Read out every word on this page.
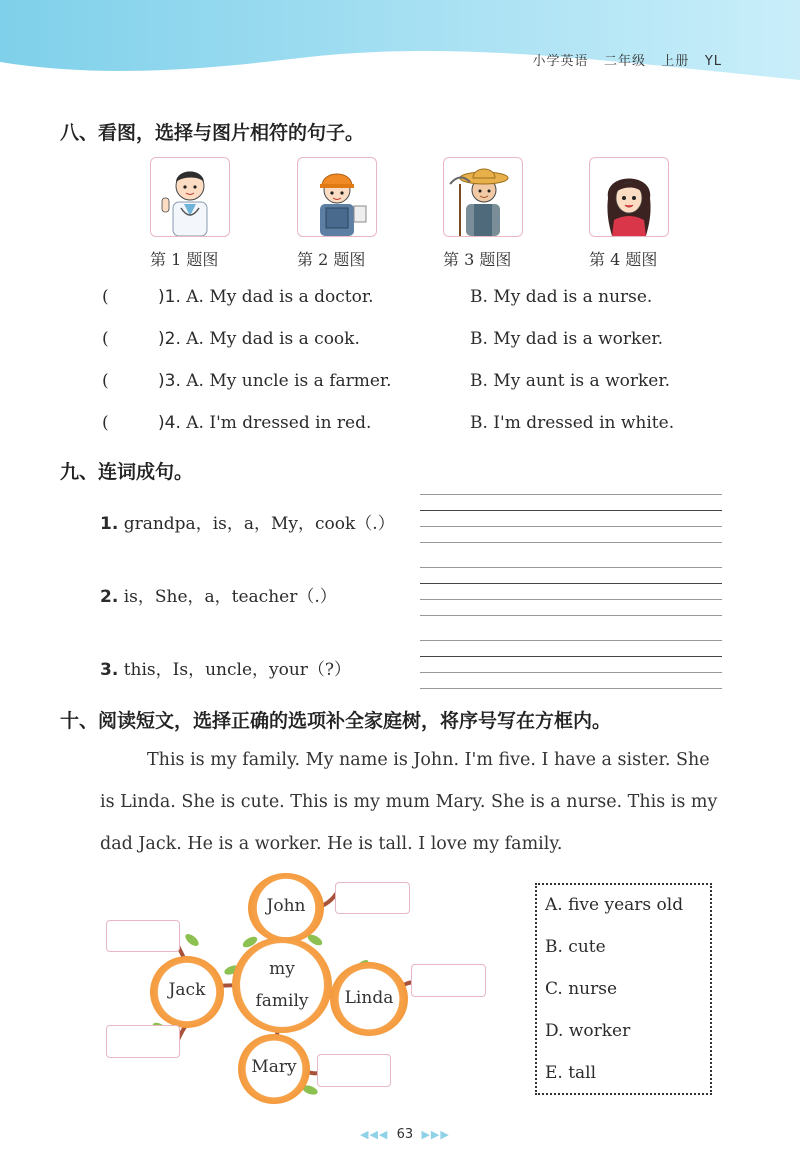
小学英语 二年级 上册 YL
八、看图，选择与图片相符的句子。
第 1 题图	第 2 题图	第 3 题图	第 4 题图
(	)1. A. My dad is a doctor.	B. My dad is a nurse.
(	)2. A. My dad is a cook.	B. My dad is a worker.
(	)3. A. My uncle is a farmer.	B. My aunt is a worker.
(	)4. A. I'm dressed in red.	B. I'm dressed in white.
九、连词成句。
1. grandpa，is，a，My，cook（.）
2. is，She，a，teacher（.）
3. this，Is，uncle，your（?）
十、阅读短文，选择正确的选项补全家庭树，将序号写在方框内。

This is my family. My name is John. I'm five. I have a sister. She is Linda. She is cute. This is my mum Mary. She is a nurse. This is my dad Jack. He is a worker. He is tall. I love my family.

John
my
family
Jack	Linda
Mary
A. five years old
B. cute
C. nurse
D. worker
E. tall
◀◀◀ 63 ▶▶▶
